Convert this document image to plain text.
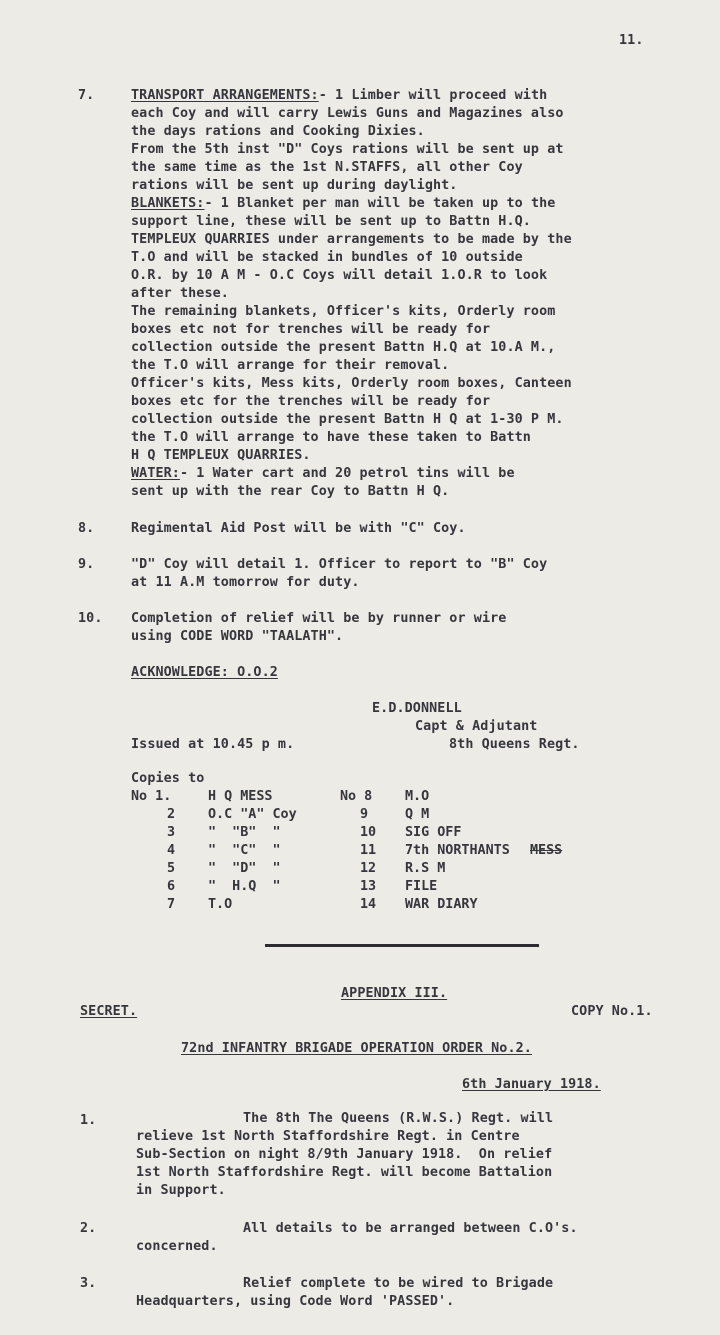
11.
7.	TRANSPORT ARRANGEMENTS:- 1 Limber will proceed with
each Coy and will carry Lewis Guns and Magazines also
the days rations and Cooking Dixies.
From the 5th inst "D" Coys rations will be sent up at
the same time as the 1st N.STAFFS, all other Coy
rations will be sent up during daylight.
BLANKETS:- 1 Blanket per man will be taken up to the
support line, these will be sent up to Battn H.Q.
TEMPLEUX QUARRIES under arrangements to be made by the
T.O and will be stacked in bundles of 10 outside
O.R. by 10 A M - O.C Coys will detail 1.O.R to look
after these.
The remaining blankets, Officer's kits, Orderly room
boxes etc not for trenches will be ready for
collection outside the present Battn H.Q at 10.A M.,
the T.O will arrange for their removal.
Officer's kits, Mess kits, Orderly room boxes, Canteen
boxes etc for the trenches will be ready for
collection outside the present Battn H Q at 1-30 P M.
the T.O will arrange to have these taken to Battn
H Q TEMPLEUX QUARRIES.
WATER:- 1 Water cart and 20 petrol tins will be
sent up with the rear Coy to Battn H Q.
8.	Regimental Aid Post will be with "C" Coy.
9.	"D" Coy will detail 1. Officer to report to "B" Coy
at 11 A.M tomorrow for duty.
10. Completion of relief will be by runner or wire
using CODE WORD "TAALATH".
ACKNOWLEDGE: O.O.2
E.D.DONNELL
Capt & Adjutant
8th Queens Regt.
Issued at 10.45 p m.
Copies to
No 1.	H Q MESS	No 8 M.O
2 O.C "A" Coy	9	Q M
3 "  "B"  "	10 SIG OFF
4 "  "C"  "	11 7th NORTHANTS MESS
5 "  "D"  "	12 R.S M
6 "  H.Q  "	13 FILE
7 T.O	14 WAR DIARY
APPENDIX III.
SECRET.	COPY No.1.
72nd INFANTRY BRIGADE OPERATION ORDER No.2.
6th January 1918.
1.	The 8th The Queens (R.W.S.) Regt. will
relieve 1st North Staffordshire Regt. in Centre
Sub-Section on night 8/9th January 1918.  On relief
1st North Staffordshire Regt. will become Battalion
in Support.
2.	All details to be arranged between C.O's.
concerned.
3.	Relief complete to be wired to Brigade
Headquarters, using Code Word 'PASSED'.
